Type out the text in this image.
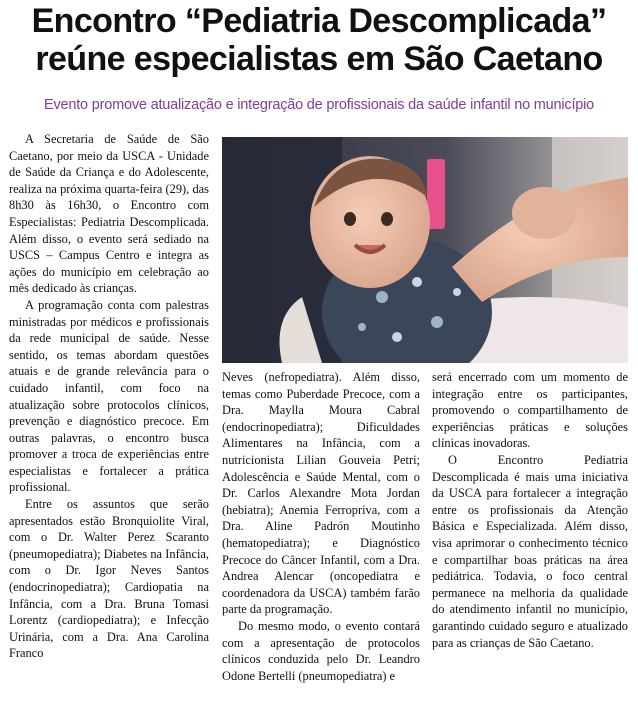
Encontro “Pediatria Descomplicada”
reúne especialistas em São Caetano
Evento promove atualização e integração de profissionais da saúde infantil no município

A Secretaria de Saúde de São Caetano, por meio da USCA - Unidade de Saúde da Criança e do Adolescente, realiza na próxima quarta-feira (29), das 8h30 às 16h30, o Encontro com Especialistas: Pediatria Descomplicada. Além disso, o evento será sediado na USCS – Campus Centro e integra as ações do município em celebração ao mês dedicado às crianças.

A programação conta com palestras ministradas por médicos e profissionais da rede municipal de saúde. Nesse sentido, os temas abordam questões atuais e de grande relevância para o cuidado infantil, com foco na atualização sobre protocolos clínicos, prevenção e diagnóstico precoce. Em outras palavras, o encontro busca promover a troca de experiências entre especialistas e fortalecer a prática profissional.

Entre os assuntos que serão apresentados estão Bronquiolite Viral, com o Dr. Walter Perez Scaranto (pneumopediatra); Diabetes na Infância, com o Dr. Igor Neves Santos (endocrinopediatra); Cardiopatia na Infância, com a Dra. Bruna Tomasi Lorentz (cardiopediatra); e Infecção Urinária, com a Dra. Ana Carolina Franco

Neves (nefropediatra). Além disso, temas como Puberdade Precoce, com a Dra. Maylla Moura Cabral (endocrinopediatra); Dificuldades Alimentares na Infância, com a nutricionista Lilian Gouveia Petri; Adolescência e Saúde Mental, com o Dr. Carlos Alexandre Mota Jordan (hebiatra); Anemia Ferropriva, com a Dra. Aline Padrón Moutinho (hematopediatra); e Diagnóstico Precoce do Câncer Infantil, com a Dra. Andrea Alencar (oncopediatra e coordenadora da USCA) também farão parte da programação.

Do mesmo modo, o evento contará com a apresentação de protocolos clínicos conduzida pelo Dr. Leandro Odone Bertelli (pneumopediatra) e

será encerrado com um momento de integração entre os participantes, promovendo o compartilhamento de experiências práticas e soluções clínicas inovadoras.

O Encontro Pediatria Descomplicada é mais uma iniciativa da USCA para fortalecer a integração entre os profissionais da Atenção Básica e Especializada. Além disso, visa aprimorar o conhecimento técnico e compartilhar boas práticas na área pediátrica. Todavia, o foco central permanece na melhoria da qualidade do atendimento infantil no município, garantindo cuidado seguro e atualizado para as crianças de São Caetano.
